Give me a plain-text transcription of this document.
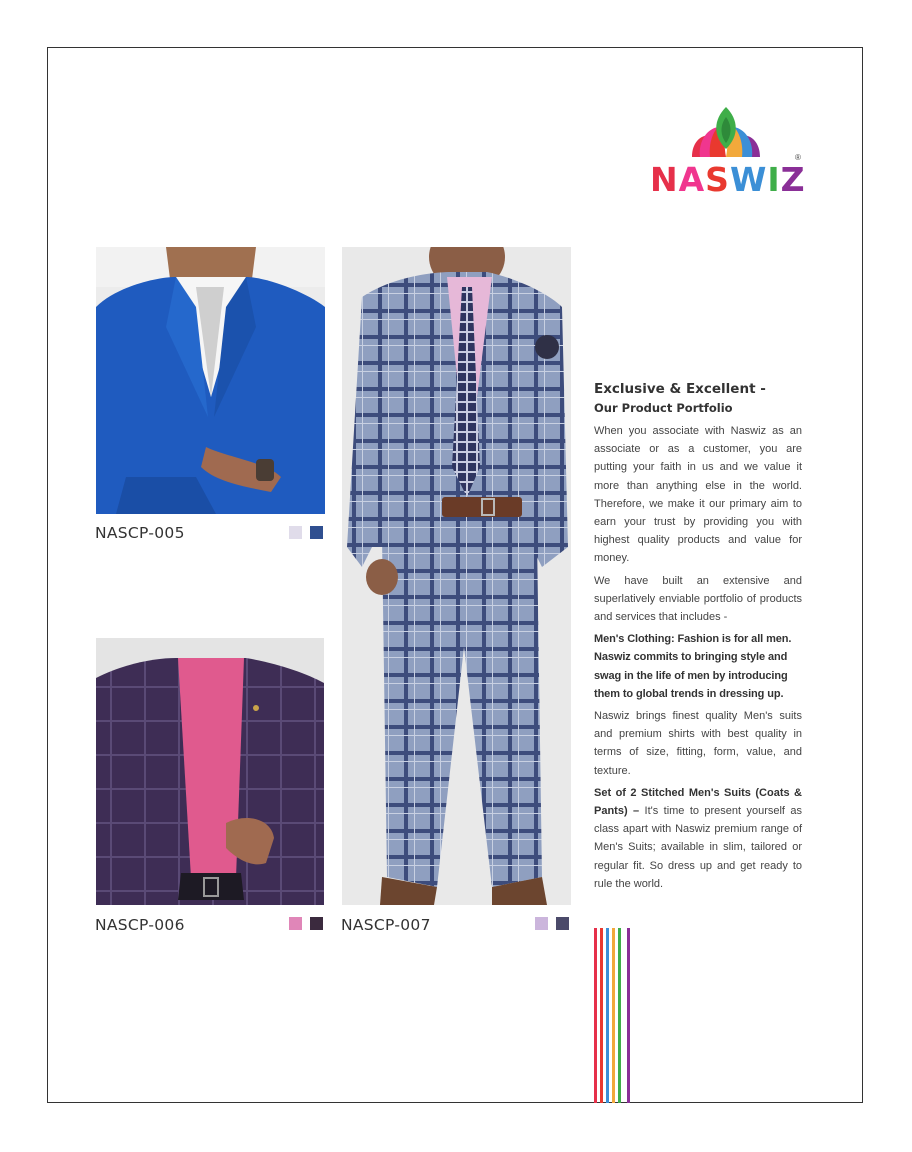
NASWIZ
®
NASCP-005
NASCP-007
NASCP-006
Exclusive & Excellent -
Our Product Portfolio

When you associate with Naswiz as an associate or as a customer, you are putting your faith in us and we value it more than anything else in the world. Therefore, we make it our primary aim to earn your trust by providing you with highest quality products and value for money.

We have built an extensive and superlatively enviable portfolio of products and services that includes -

Men's Clothing: Fashion is for all men. Naswiz commits to bringing style and swag in the life of men by introducing them to global trends in dressing up.

Naswiz brings finest quality Men's suits and premium shirts with best quality in terms of size, fitting, form, value, and texture.

Set of 2 Stitched Men's Suits (Coats & Pants) – It's time to present yourself as class apart with Naswiz premium range of Men's Suits; available in slim, tailored or regular fit. So dress up and get ready to rule the world.
